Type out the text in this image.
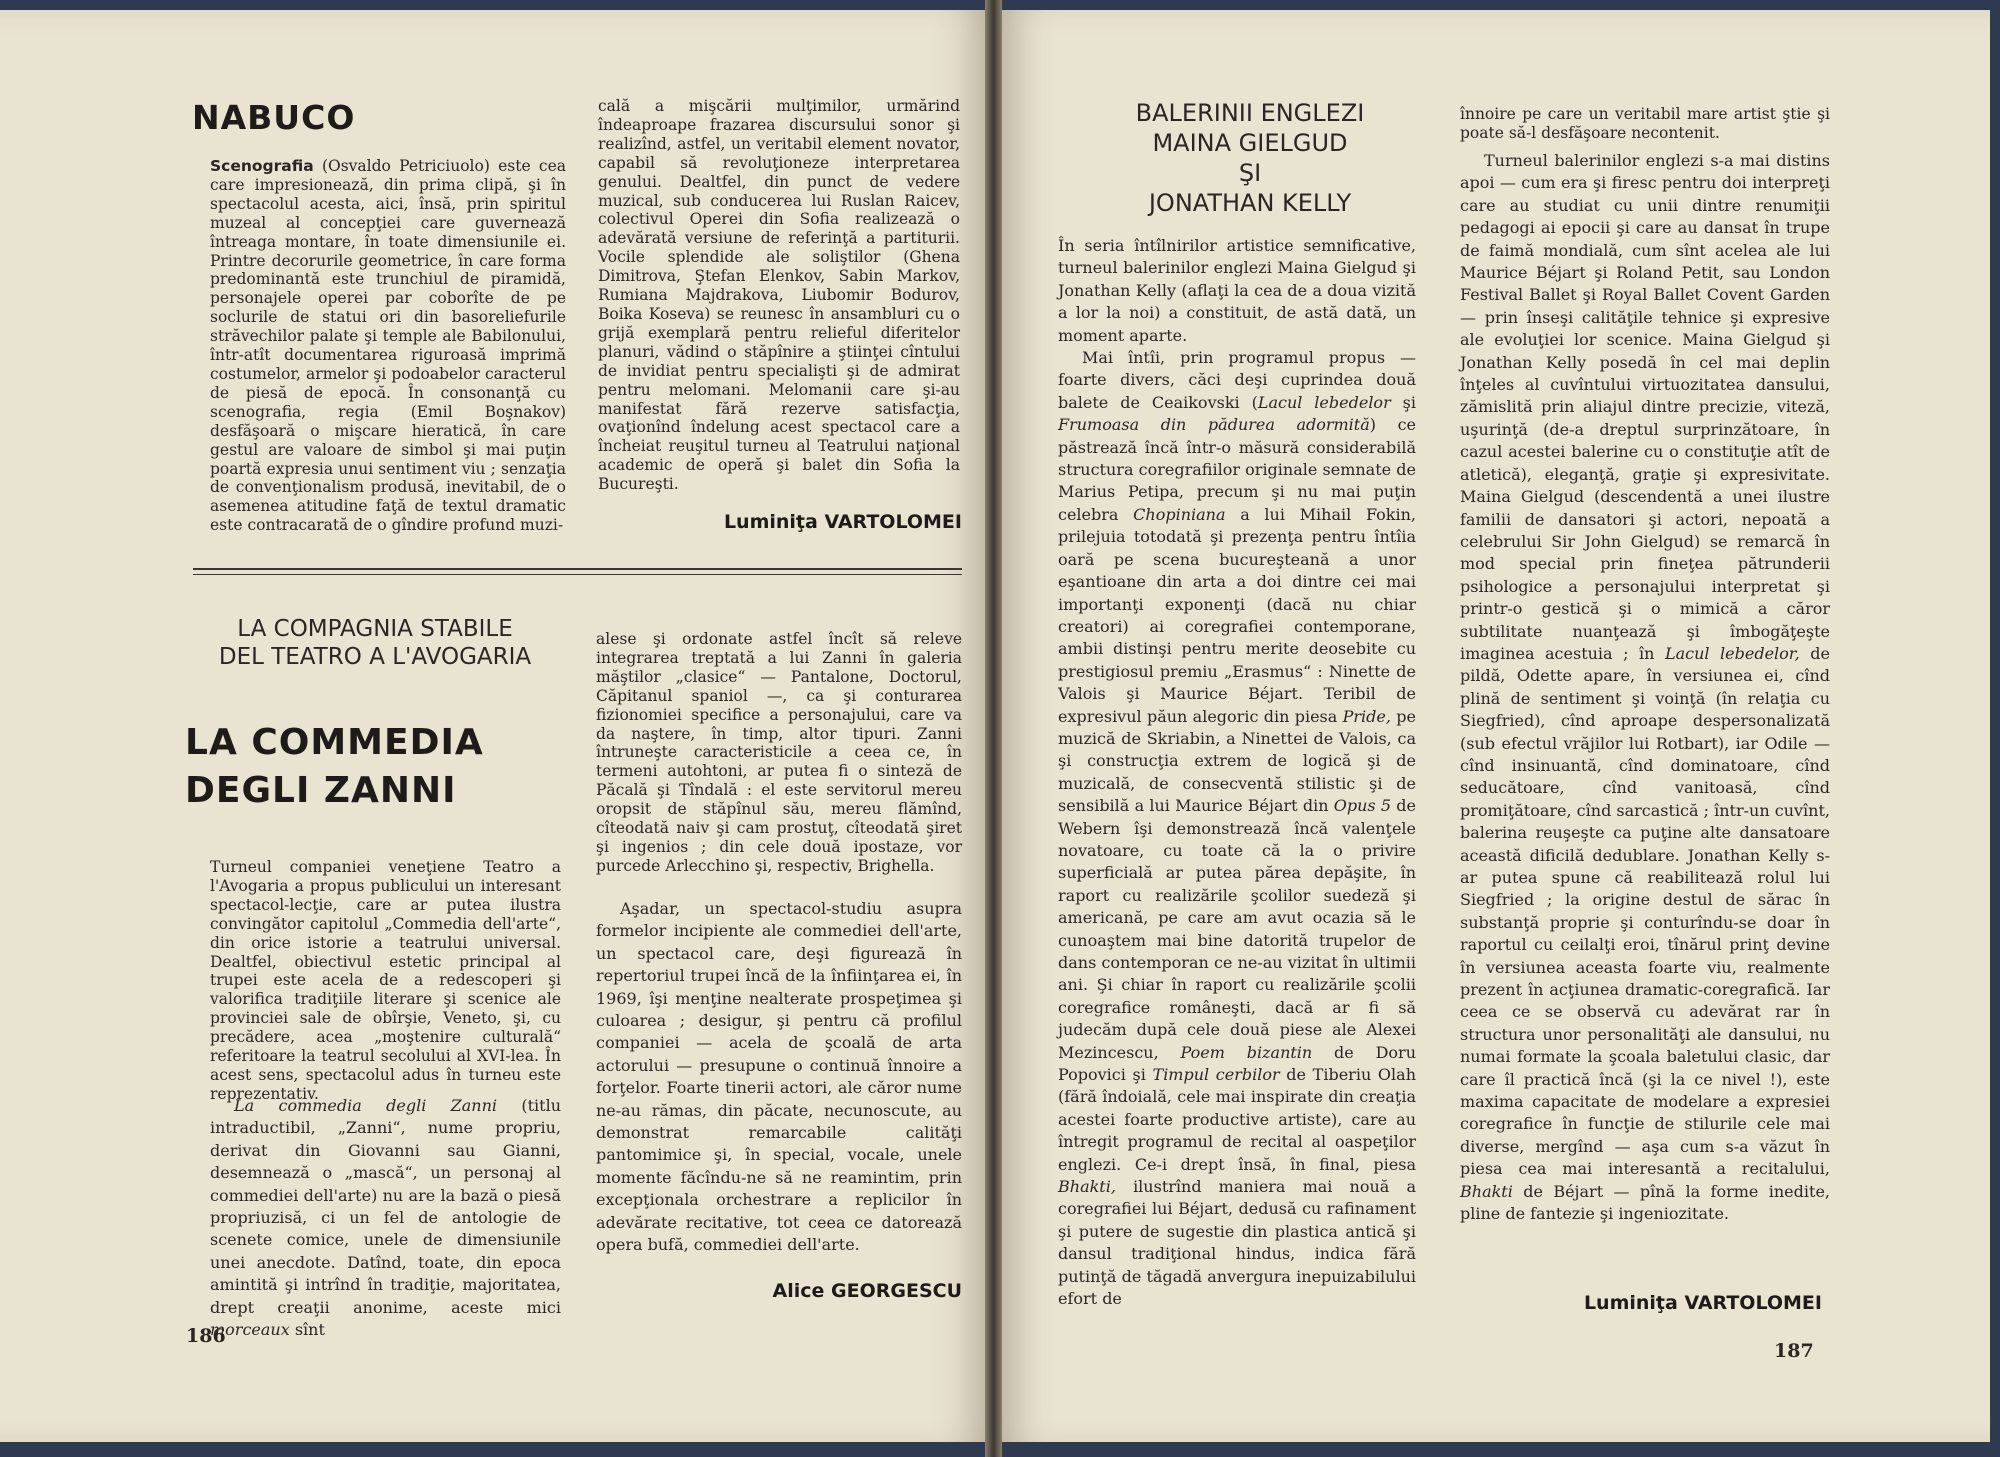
NABUCO

Scenografia (Osvaldo Petriciuolo) este cea care impresionează, din prima clipă, şi în spectacolul acesta, aici, însă, prin spiritul muzeal al concepţiei care guvernează întreaga montare, în toate dimensiunile ei. Printre decorurile geometrice, în care forma predominantă este trunchiul de piramidă, personajele operei par coborîte de pe soclurile de statui ori din basoreliefurile străvechilor palate şi temple ale Babilonului, într-atît documentarea riguroasă imprimă costumelor, armelor şi podoabelor caracterul de piesă de epocă. În consonanţă cu scenografia, regia (Emil Boşnakov) desfăşoară o mişcare hieratică, în care gestul are valoare de simbol şi mai puţin poartă expresia unui sentiment viu ; senzaţia de convenţionalism produsă, inevitabil, de o asemenea atitudine faţă de textul dramatic este contracarată de o gîndire profund muzi-

cală a mişcării mulţimilor, urmărind îndeaproape frazarea discursului sonor şi realizînd, astfel, un veritabil element novator, capabil să revoluţioneze interpretarea genului. Dealtfel, din punct de vedere muzical, sub conducerea lui Ruslan Raicev, colectivul Operei din Sofia realizează o adevărată versiune de referinţă a partiturii. Vocile splendide ale soliştilor (Ghena Dimitrova, Ştefan Elenkov, Sabin Markov, Rumiana Majdrakova, Liubomir Bodurov, Boika Koseva) se reunesc în ansambluri cu o grijă exemplară pentru relieful diferitelor planuri, vădind o stăpînire a ştiinţei cîntului de invidiat pentru specialişti şi de admirat pentru melomani. Melomanii care şi-au manifestat fără rezerve satisfacţia, ovaţionînd îndelung acest spectacol care a încheiat reuşitul turneu al Teatrului naţional academic de operă şi balet din Sofia la Bucureşti.

Luminiţa VARTOLOMEI
LA COMPAGNIA STABILE
DEL TEATRO A L'AVOGARIA
LA COMMEDIA
DEGLI ZANNI

Turneul companiei veneţiene Teatro a l'Avogaria a propus publicului un interesant spectacol-lecţie, care ar putea ilustra convingător capitolul „Commedia dell'arte“, din orice istorie a teatrului universal. Dealtfel, obiectivul estetic principal al trupei este acela de a redescoperi şi valorifica tradiţiile literare şi scenice ale provinciei sale de obîrşie, Veneto, şi, cu precădere, acea „moştenire culturală“ referitoare la teatrul secolului al XVI-lea. În acest sens, spectacolul adus în turneu este reprezentativ.

La commedia degli Zanni (titlu intraductibil, „Zanni“, nume propriu, derivat din Giovanni sau Gianni, desemnează o „mască“, un personaj al commediei dell'arte) nu are la bază o piesă propriuzisă, ci un fel de antologie de scenete comice, unele de dimensiunile unei anecdote. Datînd, toate, din epoca amintită şi intrînd în tradiţie, majoritatea, drept creaţii anonime, aceste mici morceaux sînt

alese şi ordonate astfel încît să releve integrarea treptată a lui Zanni în galeria măştilor „clasice“ — Pantalone, Doctorul, Căpitanul spaniol —, ca şi conturarea fizionomiei specifice a personajului, care va da naştere, în timp, altor tipuri. Zanni întruneşte caracteristicile a ceea ce, în termeni autohtoni, ar putea fi o sinteză de Păcală şi Tîndală : el este servitorul mereu oropsit de stăpînul său, mereu flămînd, cîteodată naiv şi cam prostuţ, cîteodată şiret şi ingenios ; din cele două ipostaze, vor purcede Arlecchino şi, respectiv, Brighella.

Aşadar, un spectacol-studiu asupra formelor incipiente ale commediei dell'arte, un spectacol care, deşi figurează în repertoriul trupei încă de la înfiinţarea ei, în 1969, îşi menţine nealterate prospeţimea şi culoarea ; desigur, şi pentru că profilul companiei — acela de şcoală de arta actorului — presupune o continuă înnoire a forţelor. Foarte tinerii actori, ale căror nume ne-au rămas, din păcate, necunoscute, au demonstrat remarcabile calităţi pantomimice şi, în special, vocale, unele momente făcîndu-ne să ne reamintim, prin excepţionala orchestrare a replicilor în adevărate recitative, tot ceea ce datorează opera bufă, commediei dell'arte.

Alice GEORGESCU
186
BALERINII ENGLEZI
MAINA GIELGUD
ŞI
JONATHAN KELLY

În seria întîlnirilor artistice semnificative, turneul balerinilor englezi Maina Gielgud şi Jonathan Kelly (aflaţi la cea de a doua vizită a lor la noi) a constituit, de astă dată, un moment aparte.

Mai întîi, prin programul propus — foarte divers, căci deşi cuprindea două balete de Ceaikovski (Lacul lebedelor şi Frumoasa din pădurea adormită) ce păstrează încă într-o măsură considerabilă structura coregrafiilor originale semnate de Marius Petipa, precum şi nu mai puţin celebra Chopiniana a lui Mihail Fokin, prilejuia totodată şi prezenţa pentru întîia oară pe scena bucureşteană a unor eşantioane din arta a doi dintre cei mai importanţi exponenţi (dacă nu chiar creatori) ai coregrafiei contemporane, ambii distinşi pentru merite deosebite cu prestigiosul premiu „Erasmus“ : Ninette de Valois şi Maurice Béjart. Teribil de expresivul păun alegoric din piesa Pride, pe muzică de Skriabin, a Ninettei de Valois, ca şi construcţia extrem de logică şi de muzicală, de consecventă stilistic şi de sensibilă a lui Maurice Béjart din Opus 5 de Webern îşi demonstrează încă valenţele novatoare, cu toate că la o privire superficială ar putea părea depăşite, în raport cu realizările şcolilor suedeză şi americană, pe care am avut ocazia să le cunoaştem mai bine datorită trupelor de dans contemporan ce ne-au vizitat în ultimii ani. Şi chiar în raport cu realizările şcolii coregrafice româneşti, dacă ar fi să judecăm după cele două piese ale Alexei Mezincescu, Poem bizantin de Doru Popovici şi Timpul cerbilor de Tiberiu Olah (fără îndoială, cele mai inspirate din creaţia acestei foarte productive artiste), care au întregit programul de recital al oaspeţilor englezi. Ce-i drept însă, în final, piesa Bhakti, ilustrînd maniera mai nouă a coregrafiei lui Béjart, dedusă cu rafinament şi putere de sugestie din plastica antică şi dansul tradiţional hindus, indica fără putinţă de tăgadă anvergura inepuizabilului efort de

înnoire pe care un veritabil mare artist ştie şi poate să-l desfăşoare necontenit.

Turneul balerinilor englezi s-a mai distins apoi — cum era şi firesc pentru doi interpreţi care au studiat cu unii dintre renumiţii pedagogi ai epocii şi care au dansat în trupe de faimă mondială, cum sînt acelea ale lui Maurice Béjart şi Roland Petit, sau London Festival Ballet şi Royal Ballet Covent Garden — prin înseşi calităţile tehnice şi expresive ale evoluţiei lor scenice. Maina Gielgud şi Jonathan Kelly posedă în cel mai deplin înţeles al cuvîntului virtuozitatea dansului, zămislită prin aliajul dintre precizie, viteză, uşurinţă (de-a dreptul surprinzătoare, în cazul acestei balerine cu o constituţie atît de atletică), eleganţă, graţie şi expresivitate. Maina Gielgud (descendentă a unei ilustre familii de dansatori şi actori, nepoată a celebrului Sir John Gielgud) se remarcă în mod special prin fineţea pătrunderii psihologice a personajului interpretat şi printr-o gestică şi o mimică a căror subtilitate nuanţează şi îmbogăţeşte imaginea acestuia ; în Lacul lebedelor, de pildă, Odette apare, în versiunea ei, cînd plină de sentiment şi voinţă (în relaţia cu Siegfried), cînd aproape despersonalizată (sub efectul vrăjilor lui Rotbart), iar Odile — cînd insinuantă, cînd dominatoare, cînd seducătoare, cînd vanitoasă, cînd promiţătoare, cînd sarcastică ; într-un cuvînt, balerina reuşeşte ca puţine alte dansatoare această dificilă dedublare. Jonathan Kelly s-ar putea spune că reabilitează rolul lui Siegfried ; la origine destul de sărac în substanţă proprie şi conturîndu-se doar în raportul cu ceilalţi eroi, tînărul prinţ devine în versiunea aceasta foarte viu, realmente prezent în acţiunea dramatic-coregrafică. Iar ceea ce se observă cu adevărat rar în structura unor personalităţi ale dansului, nu numai formate la şcoala baletului clasic, dar care îl practică încă (şi la ce nivel !), este maxima capacitate de modelare a expresiei coregrafice în funcţie de stilurile cele mai diverse, mergînd — aşa cum s-a văzut în piesa cea mai interesantă a recitalului, Bhakti de Béjart — pînă la forme inedite, pline de fantezie şi ingeniozitate.

Luminiţa VARTOLOMEI
187
